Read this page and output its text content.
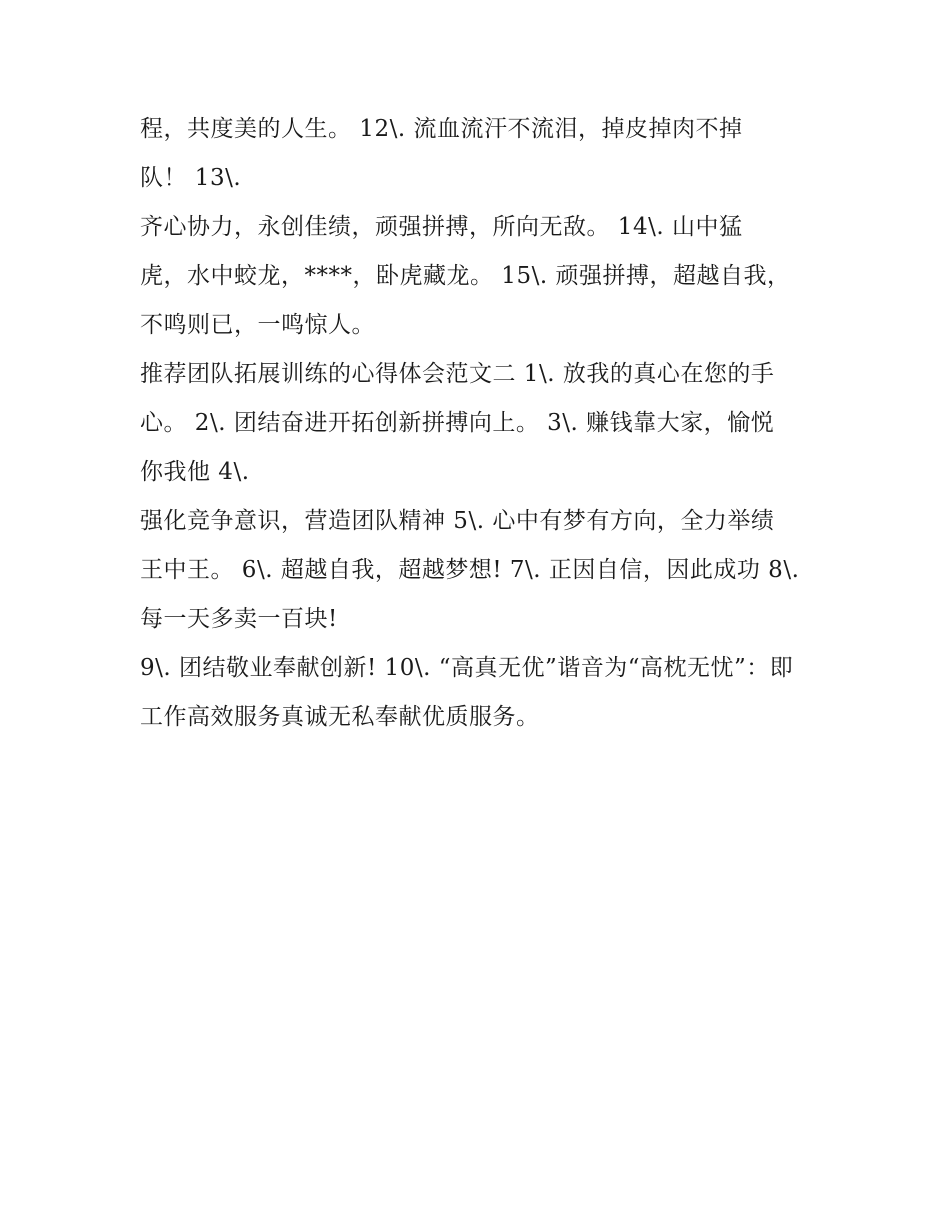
程，共度美的人生。 12\. 流血流汗不流泪，掉皮掉肉不掉
队！ 13\.
齐心协力，永创佳绩，顽强拼搏，所向无敌。 14\. 山中猛
虎，水中蛟龙，****，卧虎藏龙。 15\. 顽强拼搏，超越自我，
不鸣则已，一鸣惊人。
推荐团队拓展训练的心得体会范文二 1\. 放我的真心在您的手
心。 2\. 团结奋进开拓创新拼搏向上。 3\. 赚钱靠大家，愉悦
你我他 4\.
强化竞争意识，营造团队精神 5\. 心中有梦有方向，全力举绩
王中王。 6\. 超越自我，超越梦想! 7\. 正因自信，因此成功 8\.
每一天多卖一百块!
9\. 团结敬业奉献创新! 10\. “高真无优”谐音为“高枕无忧”：即
工作高效服务真诚无私奉献优质服务。
